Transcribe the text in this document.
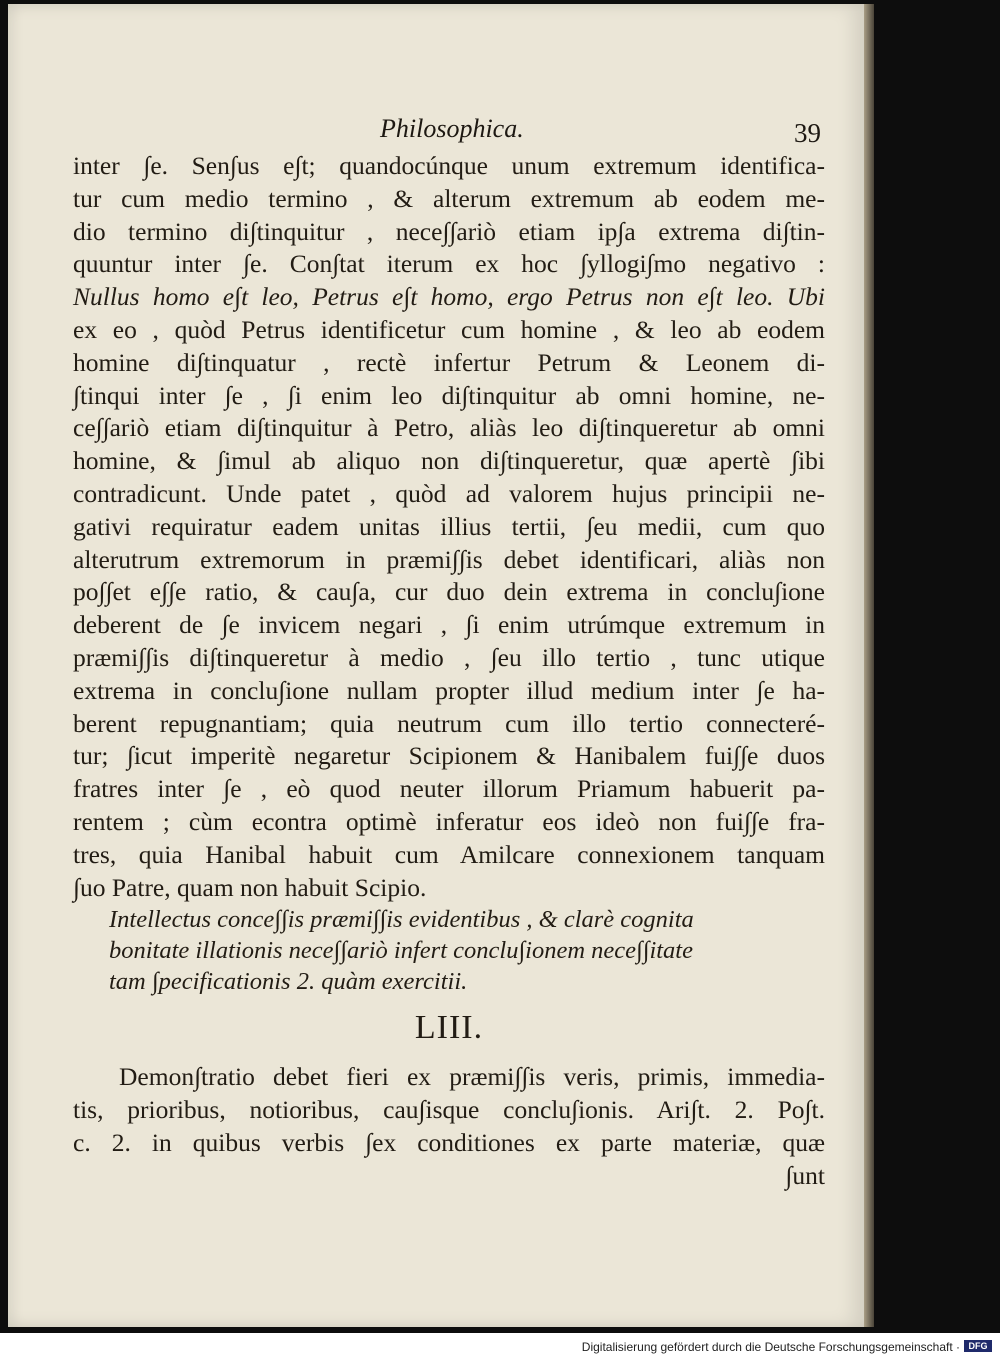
Philosophica.	39
inter ∫e. Sen∫us e∫t; quandocúnque unum extremum identifica-
tur cum medio termino , & alterum extremum ab eodem me-
dio termino di∫tinquitur , nece∫∫ariò etiam ip∫a extrema di∫tin-
quuntur inter ∫e. Con∫tat iterum ex hoc ∫yllogi∫mo negativo :
Nullus homo e∫t leo, Petrus e∫t homo, ergo Petrus non e∫t leo. Ubi
ex eo , quòd Petrus identificetur cum homine , & leo ab eodem
homine di∫tinquatur , rectè infertur Petrum & Leonem di-
∫tinqui inter ∫e , ∫i enim leo di∫tinquitur ab omni homine, ne-
ce∫∫ariò etiam di∫tinquitur à Petro, aliàs leo di∫tinqueretur ab omni
homine, & ∫imul ab aliquo non di∫tinqueretur, quæ apertè ∫ibi
contradicunt. Unde patet , quòd ad valorem hujus principii ne-
gativi requiratur eadem unitas illius tertii, ∫eu medii, cum quo
alterutrum extremorum in præmi∫∫is debet identificari, aliàs non
po∫∫et e∫∫e ratio, & cau∫a, cur duo dein extrema in conclu∫ione
deberent de ∫e invicem negari , ∫i enim utrúmque extremum in
præmi∫∫is di∫tinqueretur à medio , ∫eu illo tertio , tunc utique
extrema in conclu∫ione nullam propter illud medium inter ∫e ha-
berent repugnantiam; quia neutrum cum illo tertio connecteré-
tur; ∫icut imperitè negaretur Scipionem & Hanibalem fui∫∫e duos
fratres inter ∫e , eò quod neuter illorum Priamum habuerit pa-
rentem ; cùm econtra optimè inferatur eos ideò non fui∫∫e fra-
tres, quia Hanibal habuit cum Amilcare connexionem tanquam
∫uo Patre, quam non habuit Scipio.
Intellectus conce∫∫is præmi∫∫is evidentibus , & clarè cognita
bonitate illationis nece∫∫ariò infert conclu∫ionem nece∫∫itate
tam ∫pecificationis 2. quàm exercitii.
LIII.
Demon∫tratio debet fieri ex præmi∫∫is veris, primis, immedia-
tis, prioribus, notioribus, cau∫isque conclu∫ionis. Ari∫t. 2. Po∫t.
c. 2. in quibus verbis ∫ex conditiones ex parte materiæ, quæ
∫unt
Digitalisierung gefördert durch die Deutsche Forschungsgemeinschaft · DFG
